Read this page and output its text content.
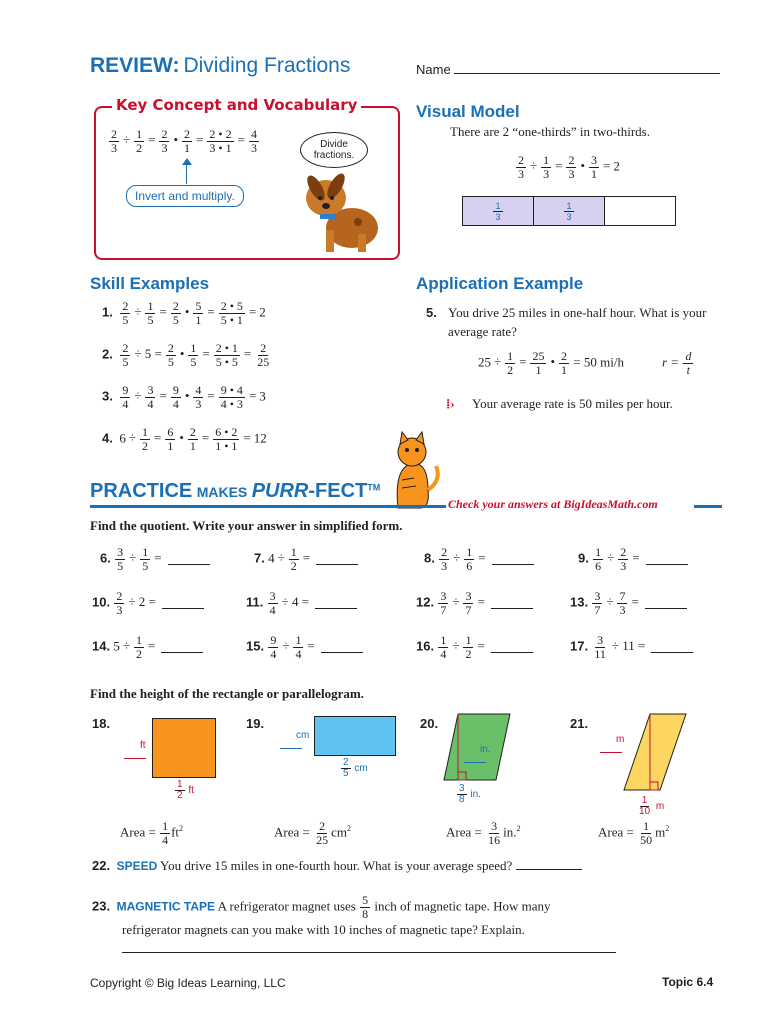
REVIEW: Dividing Fractions	Name
Key Concept and Vocabulary
$\frac{2}{3} \div \frac{1}{2} = \frac{2}{3}$ • $\frac{2}{1} = \frac{2 • 2}{3 • 1} = \frac{4}{3}$
Invert and multiply.
Divide fractions.
Visual Model
There are 2 “one-thirds” in two-thirds.
$\frac{2}{3} \div \frac{1}{3} = \frac{2}{3}$ • $\frac{3}{1} = 2$
1
3
1
3
Skill Examples
1. $\frac{2}{5} \div \frac{1}{5} = \frac{2}{5}$ • $\frac{5}{1} = \frac{2 • 5}{5 • 1} = 2$
2. $\frac{2}{5} \div 5 = \frac{2}{5}$ • $\frac{1}{5} = \frac{2 • 1}{5 • 5} = \frac{2}{25}$
3. $\frac{9}{4} \div \frac{3}{4} = \frac{9}{4}$ • $\frac{4}{3} = \frac{9 • 4}{4 • 3} = 3$
4.  $6 \div \frac{1}{2} = \frac{6}{1}$ • $\frac{2}{1} = \frac{6 • 2}{1 • 1} = 12$
Application Example
5. You drive 25 miles in one-half hour. What is your average rate?
$25 \div \frac{1}{2} = \frac{25}{1}$ • $\frac{2}{1} = 50$ mi/h	$r = \frac{d}{t}$
⁞› Your average rate is 50 miles per hour.
PRACTICE MAKES PURR-FECT™
Check your answers at BigIdeasMath.com
Find the quotient. Write your answer in simplified form.
6. $\frac{3}{5} \div \frac{1}{5}$ =	7. $4 \div \frac{1}{2}$ =	8. $\frac{2}{3} \div \frac{1}{6}$ =	9. $\frac{1}{6} \div \frac{2}{3}$ =
10. $\frac{2}{3} \div 2$ =	11. $\frac{3}{4} \div 4$ =	12. $\frac{3}{7} \div \frac{3}{7}$ =	13. $\frac{3}{7} \div \frac{7}{3}$ =
14. $5 \div \frac{1}{2}$ =	15. $\frac{9}{4} \div \frac{1}{4}$ =	16. $\frac{1}{4} \div \frac{1}{2}$ =	17. $\frac{3}{11} \div 11$ =
Find the height of the rectangle or parallelogram.
18.
ft

$\frac{1}{2}$ ft
Area = $\frac{1}{4} ft^2$
19.
cm

$\frac{2}{5}$ cm
Area = $\frac{2}{25} cm^2$
20.
in.

$\frac{3}{8}$ in.
Area = $\frac{3}{16} in.^2$
21.
m

$\frac{1}{10}$ m
Area = $\frac{1}{50} m^2$
22. SPEED You drive 15 miles in one-fourth hour. What is your average speed?
23. MAGNETIC TAPE A refrigerator magnet uses $\frac{5}{8}$ inch of magnetic tape. How many
refrigerator magnets can you make with 10 inches of magnetic tape? Explain.
Copyright © Big Ideas Learning, LLC	Topic 6.4
